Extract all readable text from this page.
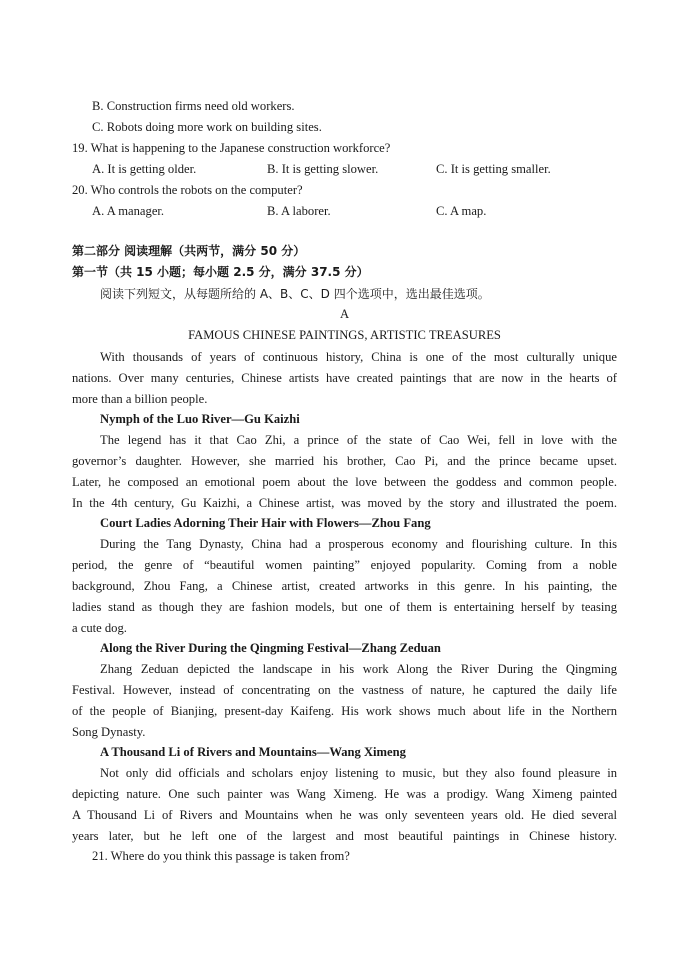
B. Construction firms need old workers.
C. Robots doing more work on building sites.
19. What is happening to the Japanese construction workforce?
A. It is getting older.	B. It is getting slower.	C. It is getting smaller.
20. Who controls the robots on the computer?
A. A manager.	B. A laborer.	C. A map.
第二部分 阅读理解（共两节，满分 50 分）
第一节（共 15 小题；每小题 2.5 分，满分 37.5 分）
阅读下列短文，从每题所给的 A、B、C、D 四个选项中，选出最佳选项。
A
FAMOUS CHINESE PAINTINGS, ARTISTIC TREASURES
With thousands of years of continuous history, China is one of the most culturally unique
nations. Over many centuries, Chinese artists have created paintings that are now in the hearts of
more than a billion people.
Nymph of the Luo River—Gu Kaizhi
The legend has it that Cao Zhi, a prince of the state of Cao Wei, fell in love with the
governor’s daughter. However, she married his brother, Cao Pi, and the prince became upset.
Later, he composed an emotional poem about the love between the goddess and common people.
In the 4th century, Gu Kaizhi, a Chinese artist, was moved by the story and illustrated the poem.
Court Ladies Adorning Their Hair with Flowers—Zhou Fang
During the Tang Dynasty, China had a prosperous economy and flourishing culture. In this
period, the genre of “beautiful women painting” enjoyed popularity. Coming from a noble
background, Zhou Fang, a Chinese artist, created artworks in this genre. In his painting, the
ladies stand as though they are fashion models, but one of them is entertaining herself by teasing
a cute dog.
Along the River During the Qingming Festival—Zhang Zeduan
Zhang Zeduan depicted the landscape in his work Along the River During the Qingming
Festival. However, instead of concentrating on the vastness of nature, he captured the daily life
of the people of Bianjing, present-day Kaifeng. His work shows much about life in the Northern
Song Dynasty.
A Thousand Li of Rivers and Mountains—Wang Ximeng
Not only did officials and scholars enjoy listening to music, but they also found pleasure in
depicting nature. One such painter was Wang Ximeng. He was a prodigy. Wang Ximeng painted
A Thousand Li of Rivers and Mountains when he was only seventeen years old. He died several
years later, but he left one of the largest and most beautiful paintings in Chinese history.
21. Where do you think this passage is taken from?
